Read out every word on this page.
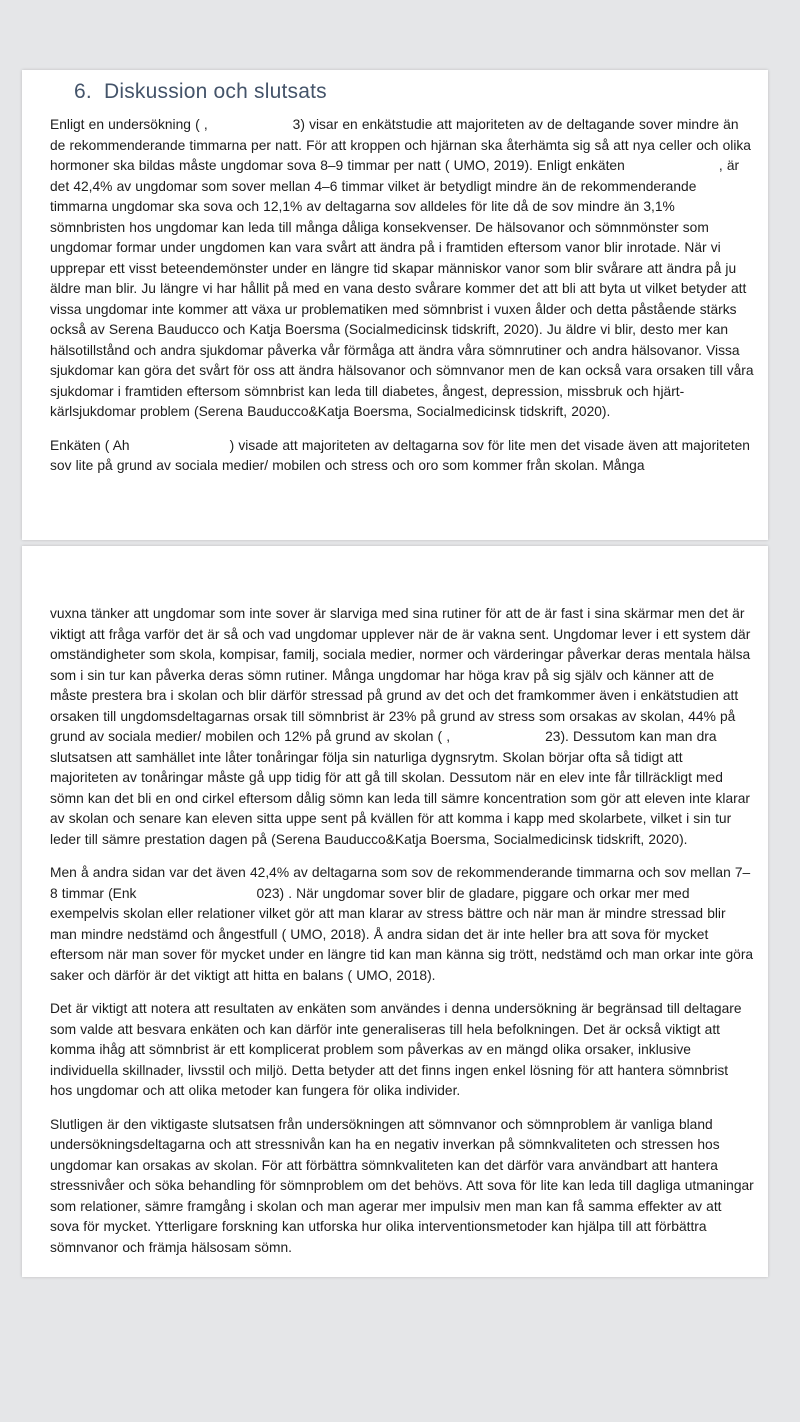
6.  Diskussion och slutsats

Enligt en undersökning ( ,	3) visar en enkätstudie att majoriteten av de deltagande sover mindre än de rekommenderande timmarna per natt. För att kroppen och hjärnan ska återhämta sig så att nya celler och olika hormoner ska bildas måste ungdomar sova 8–9 timmar per natt ( UMO, 2019). Enligt enkäten	, är det 42,4% av ungdomar som sover mellan 4–6 timmar vilket är betydligt mindre än de rekommenderande timmarna ungdomar ska sova och 12,1% av deltagarna sov alldeles för lite då de sov mindre än 3,1% sömnbristen hos ungdomar kan leda till många dåliga konsekvenser. De hälsovanor och sömnmönster som ungdomar formar under ungdomen kan vara svårt att ändra på i framtiden eftersom vanor blir inrotade. När vi upprepar ett visst beteendemönster under en längre tid skapar människor vanor som blir svårare att ändra på ju äldre man blir. Ju längre vi har hållit på med en vana desto svårare kommer det att bli att byta ut vilket betyder att vissa ungdomar inte kommer att växa ur problematiken med sömnbrist i vuxen ålder och detta påstående stärks också av Serena Bauducco och Katja Boersma (Socialmedicinsk tidskrift, 2020). Ju äldre vi blir, desto mer kan hälsotillstånd och andra sjukdomar påverka vår förmåga att ändra våra sömnrutiner och andra hälsovanor. Vissa sjukdomar kan göra det svårt för oss att ändra hälsovanor och sömnvanor men de kan också vara orsaken till våra sjukdomar i framtiden eftersom sömnbrist kan leda till diabetes, ångest, depression, missbruk och hjärt-kärlsjukdomar problem (Serena Bauducco&Katja Boersma, Socialmedicinsk tidskrift, 2020).

Enkäten ( Ah	) visade att majoriteten av deltagarna sov för lite men det visade även att majoriteten sov lite på grund av sociala medier/ mobilen och stress och oro som kommer från skolan. Många

vuxna tänker att ungdomar som inte sover är slarviga med sina rutiner för att de är fast i sina skärmar men det är viktigt att fråga varför det är så och vad ungdomar upplever när de är vakna sent. Ungdomar lever i ett system där omständigheter som skola, kompisar, familj, sociala medier, normer och värderingar påverkar deras mentala hälsa som i sin tur kan påverka deras sömn rutiner. Många ungdomar har höga krav på sig själv och känner att de måste prestera bra i skolan och blir därför stressad på grund av det och det framkommer även i enkätstudien att orsaken till ungdomsdeltagarnas orsak till sömnbrist är 23% på grund av stress som orsakas av skolan, 44% på grund av sociala medier/ mobilen och 12% på grund av skolan ( ,	23). Dessutom kan man dra slutsatsen att samhället inte låter tonåringar följa sin naturliga dygnsrytm. Skolan börjar ofta så tidigt att majoriteten av tonåringar måste gå upp tidig för att gå till skolan. Dessutom när en elev inte får tillräckligt med sömn kan det bli en ond cirkel eftersom dålig sömn kan leda till sämre koncentration som gör att eleven inte klarar av skolan och senare kan eleven sitta uppe sent på kvällen för att komma i kapp med skolarbete, vilket i sin tur leder till sämre prestation dagen på (Serena Bauducco&Katja Boersma, Socialmedicinsk tidskrift, 2020).

Men å andra sidan var det även 42,4% av deltagarna som sov de rekommenderande timmarna och sov mellan 7–8 timmar (Enk	023) . När ungdomar sover blir de gladare, piggare och orkar mer med exempelvis skolan eller relationer vilket gör att man klarar av stress bättre och när man är mindre stressad blir man mindre nedstämd och ångestfull ( UMO, 2018). Å andra sidan det är inte heller bra att sova för mycket eftersom när man sover för mycket under en längre tid kan man känna sig trött, nedstämd och man orkar inte göra saker och därför är det viktigt att hitta en balans ( UMO, 2018).

Det är viktigt att notera att resultaten av enkäten som användes i denna undersökning är begränsad till deltagare som valde att besvara enkäten och kan därför inte generaliseras till hela befolkningen. Det är också viktigt att komma ihåg att sömnbrist är ett komplicerat problem som påverkas av en mängd olika orsaker, inklusive individuella skillnader, livsstil och miljö. Detta betyder att det finns ingen enkel lösning för att hantera sömnbrist hos ungdomar och att olika metoder kan fungera för olika individer.

Slutligen är den viktigaste slutsatsen från undersökningen att sömnvanor och sömnproblem är vanliga bland undersökningsdeltagarna och att stressnivån kan ha en negativ inverkan på sömnkvaliteten och stressen hos ungdomar kan orsakas av skolan. För att förbättra sömnkvaliteten kan det därför vara användbart att hantera stressnivåer och söka behandling för sömnproblem om det behövs. Att sova för lite kan leda till dagliga utmaningar som relationer, sämre framgång i skolan och man agerar mer impulsiv men man kan få samma effekter av att sova för mycket. Ytterligare forskning kan utforska hur olika interventionsmetoder kan hjälpa till att förbättra sömnvanor och främja hälsosam sömn.
